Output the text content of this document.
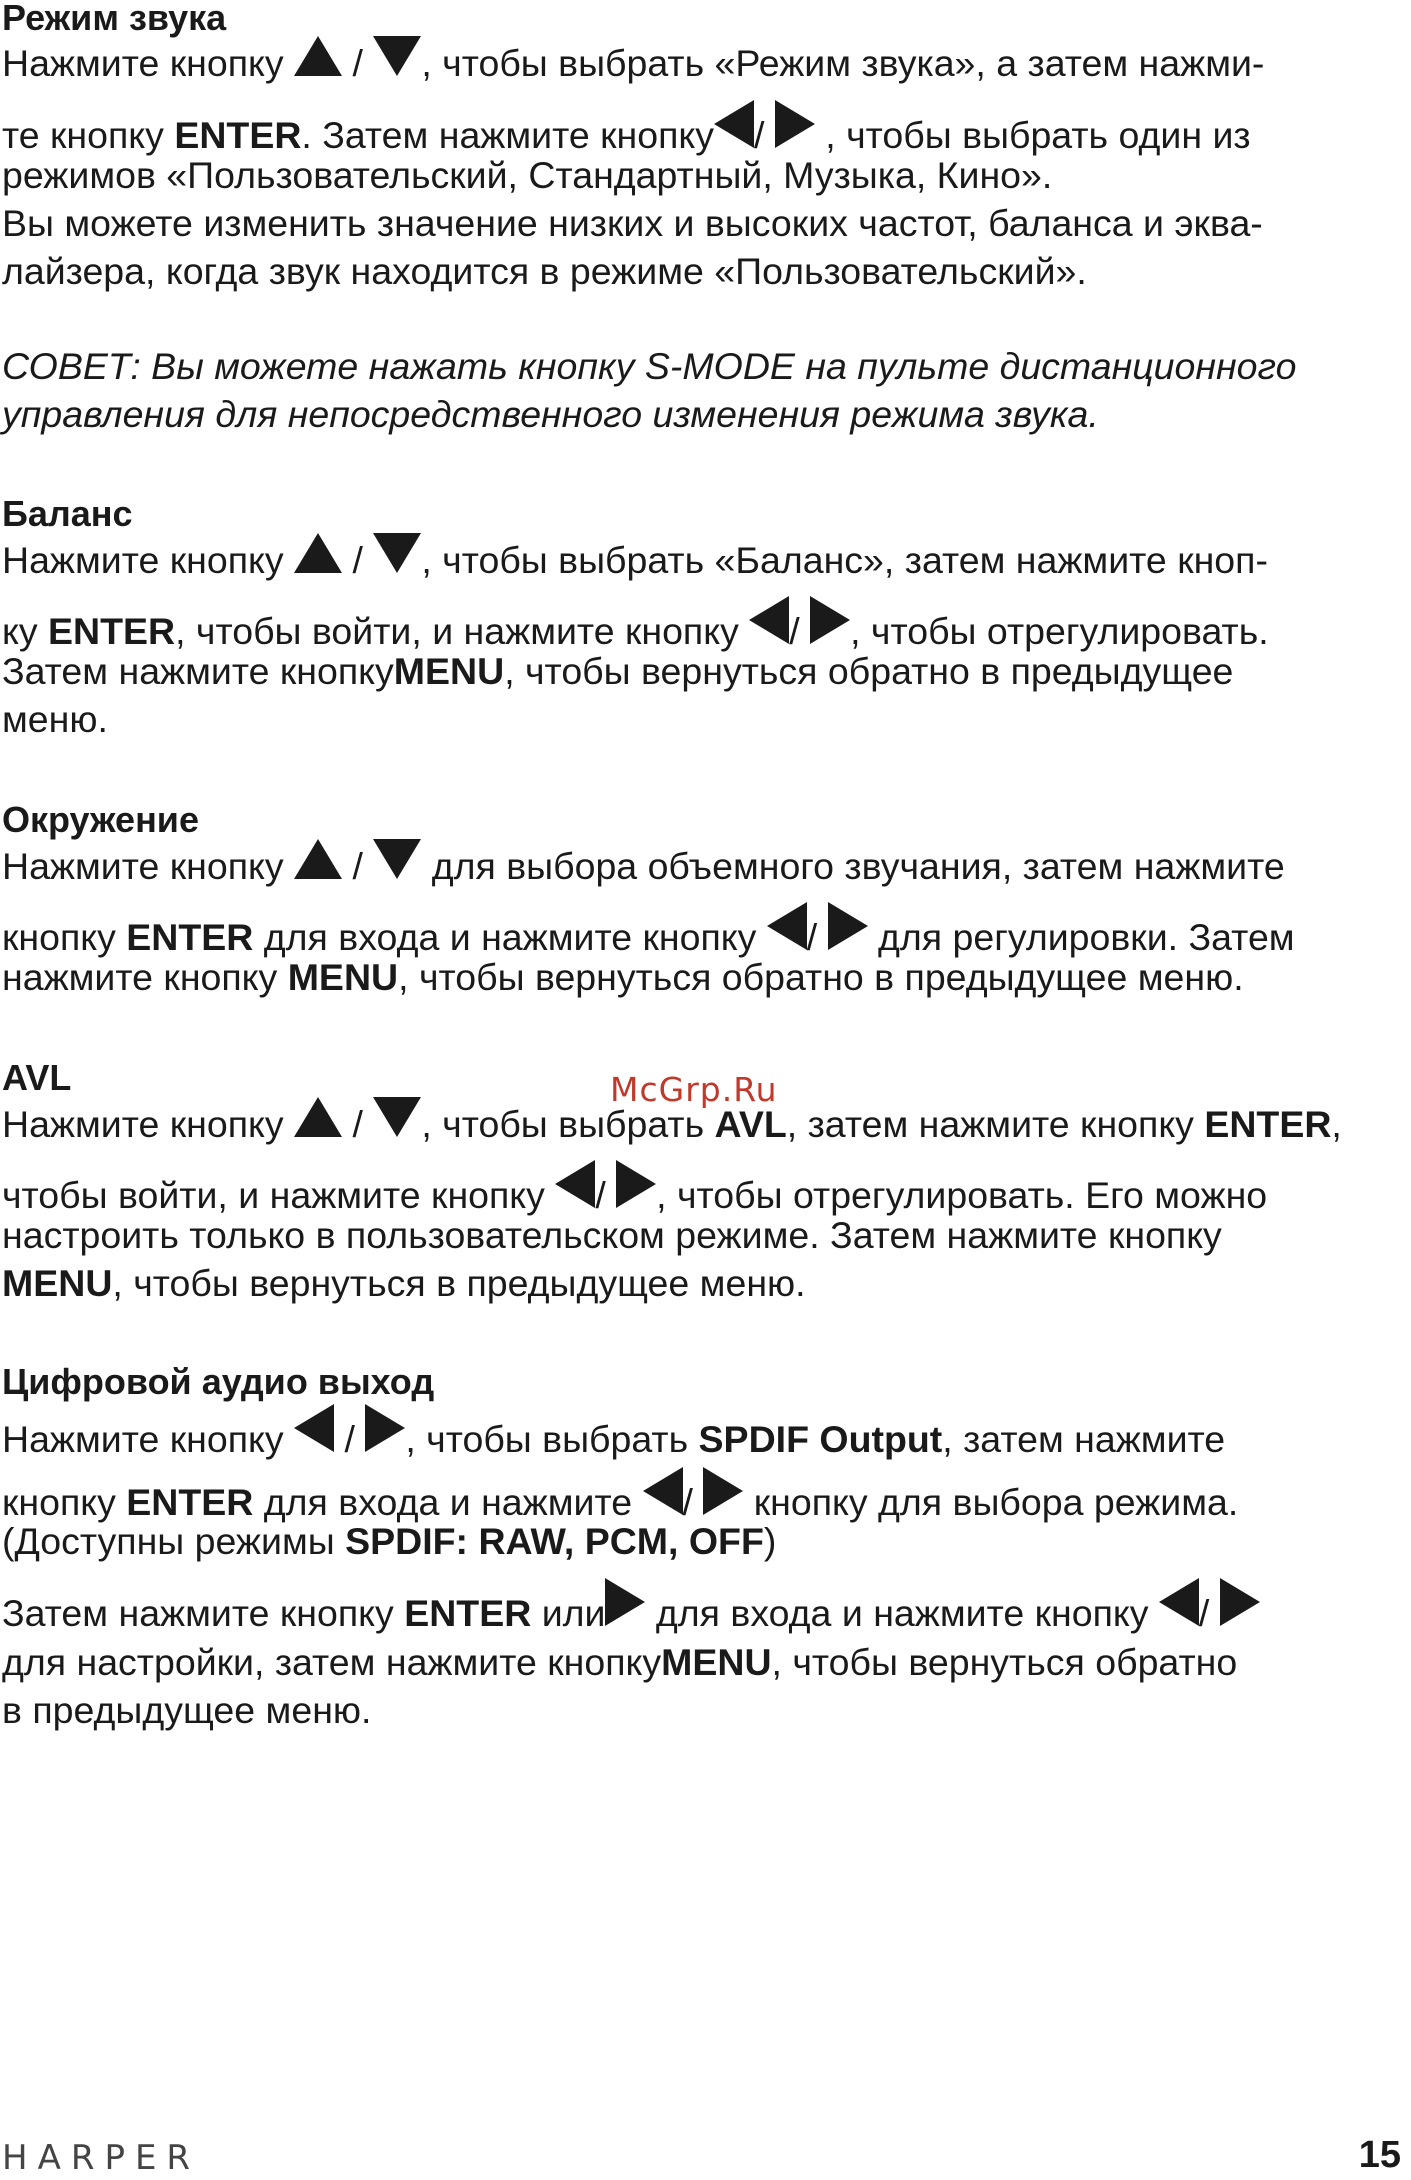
Режим звука
Нажмите кнопку / , чтобы выбрать «Режим звука», а затем нажми-
те кнопку ENTER. Затем нажмите кнопку / , чтобы выбрать один из
режимов «Пользовательский, Стандартный, Музыка, Кино».
Вы можете изменить значение низких и высоких частот, баланса и эква-
лайзера, когда звук находится в режиме «Пользовательский».
СОВЕТ: Вы можете нажать кнопку S-MODE на пульте дистанционного
управления для непосредственного изменения режима звука.
Баланс
Нажмите кнопку / , чтобы выбрать «Баланс», затем нажмите кноп-
ку ENTER, чтобы войти, и нажмите кнопку / , чтобы отрегулировать.
Затем нажмите кнопкуMENU, чтобы вернуться обратно в предыдущее
меню.
Окружение
Нажмите кнопку / для выбора объемного звучания, затем нажмите
кнопку ENTER для входа и нажмите кнопку / для регулировки. Затем
нажмите кнопку MENU, чтобы вернуться обратно в предыдущее меню.
AVL
Нажмите кнопку / , чтобы выбрать AVL, затем нажмите кнопку ENTER,
чтобы войти, и нажмите кнопку / , чтобы отрегулировать. Его можно
настроить только в пользовательском режиме. Затем нажмите кнопку
MENU, чтобы вернуться в предыдущее меню.
Цифровой аудио выход
Нажмите кнопку / , чтобы выбрать SPDIF Output, затем нажмите
кнопку ENTER для входа и нажмите / кнопку для выбора режима.
(Доступны режимы SPDIF: RAW, PCM, OFF)
Затем нажмите кнопку ENTER или для входа и нажмите кнопку /
для настройки, затем нажмите кнопкуMENU, чтобы вернуться обратно
в предыдущее меню.
McGrp.Ru
HARPER	15
